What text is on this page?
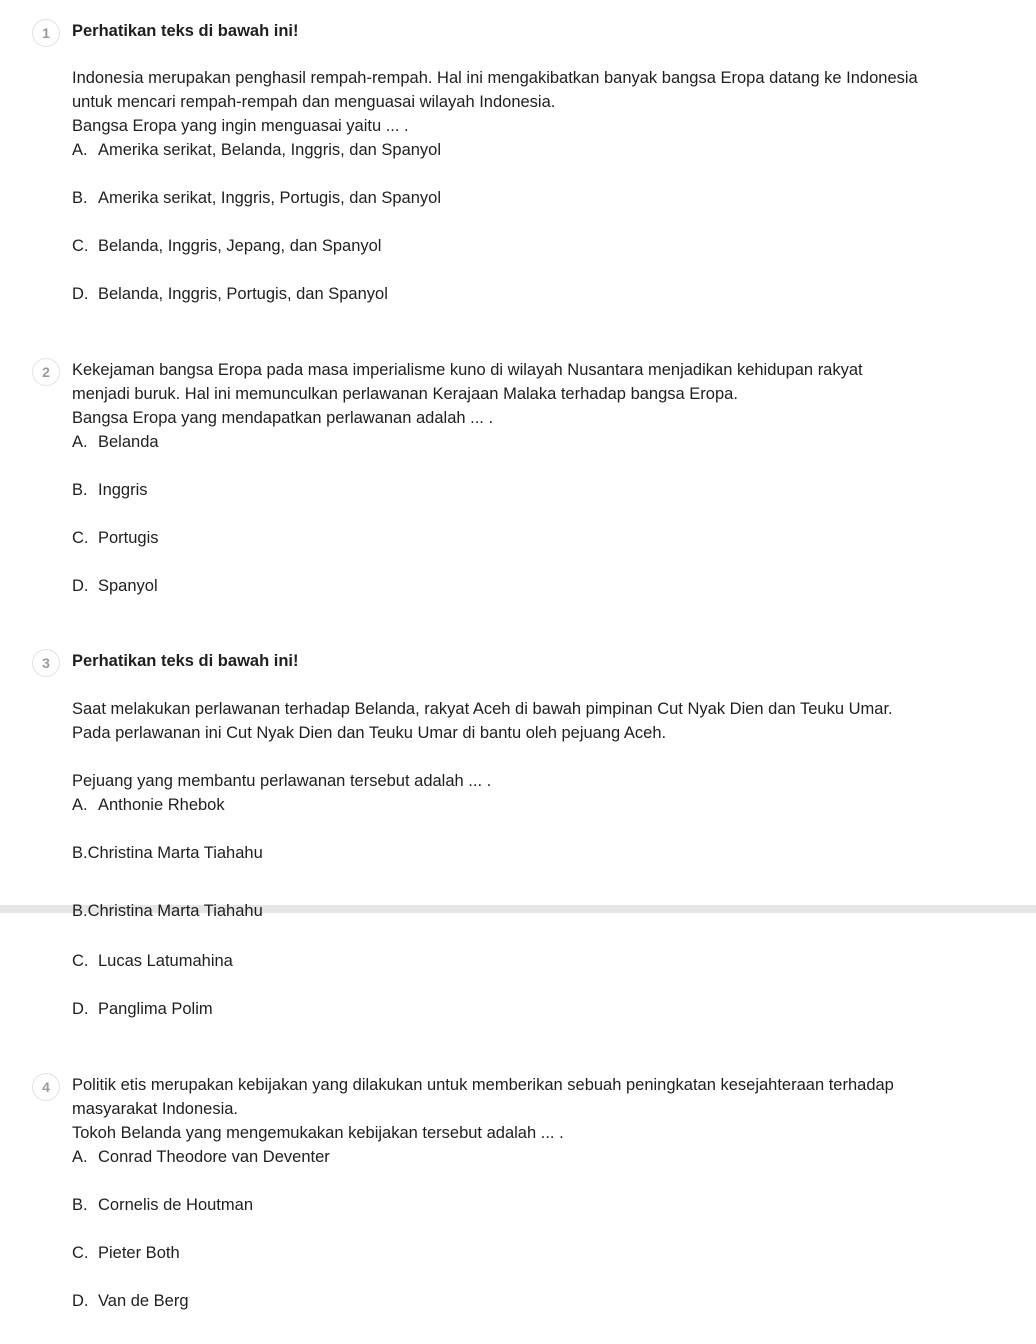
1	Perhatikan teks di bawah ini!
Indonesia merupakan penghasil rempah-rempah. Hal ini mengakibatkan banyak bangsa Eropa datang ke Indonesia
untuk mencari rempah-rempah dan menguasai wilayah Indonesia.
Bangsa Eropa yang ingin menguasai yaitu ... .
A. Amerika serikat, Belanda, Inggris, dan Spanyol
B. Amerika serikat, Inggris, Portugis, dan Spanyol
C. Belanda, Inggris, Jepang, dan Spanyol
D. Belanda, Inggris, Portugis, dan Spanyol
2	Kekejaman bangsa Eropa pada masa imperialisme kuno di wilayah Nusantara menjadikan kehidupan rakyat
menjadi buruk. Hal ini memunculkan perlawanan Kerajaan Malaka terhadap bangsa Eropa.
Bangsa Eropa yang mendapatkan perlawanan adalah ... .
A. Belanda
B. Inggris
C. Portugis
D. Spanyol
3	Perhatikan teks di bawah ini!
Saat melakukan perlawanan terhadap Belanda, rakyat Aceh di bawah pimpinan Cut Nyak Dien dan Teuku Umar.
Pada perlawanan ini Cut Nyak Dien dan Teuku Umar di bantu oleh pejuang Aceh.
Pejuang yang membantu perlawanan tersebut adalah ... .
A. Anthonie Rhebok
B.Christina Marta Tiahahu
B.Christina Marta Tiahahu
C. Lucas Latumahina
D. Panglima Polim
4	Politik etis merupakan kebijakan yang dilakukan untuk memberikan sebuah peningkatan kesejahteraan terhadap
masyarakat Indonesia.
Tokoh Belanda yang mengemukakan kebijakan tersebut adalah ... .
A. Conrad Theodore van Deventer
B. Cornelis de Houtman
C. Pieter Both
D. Van de Berg
